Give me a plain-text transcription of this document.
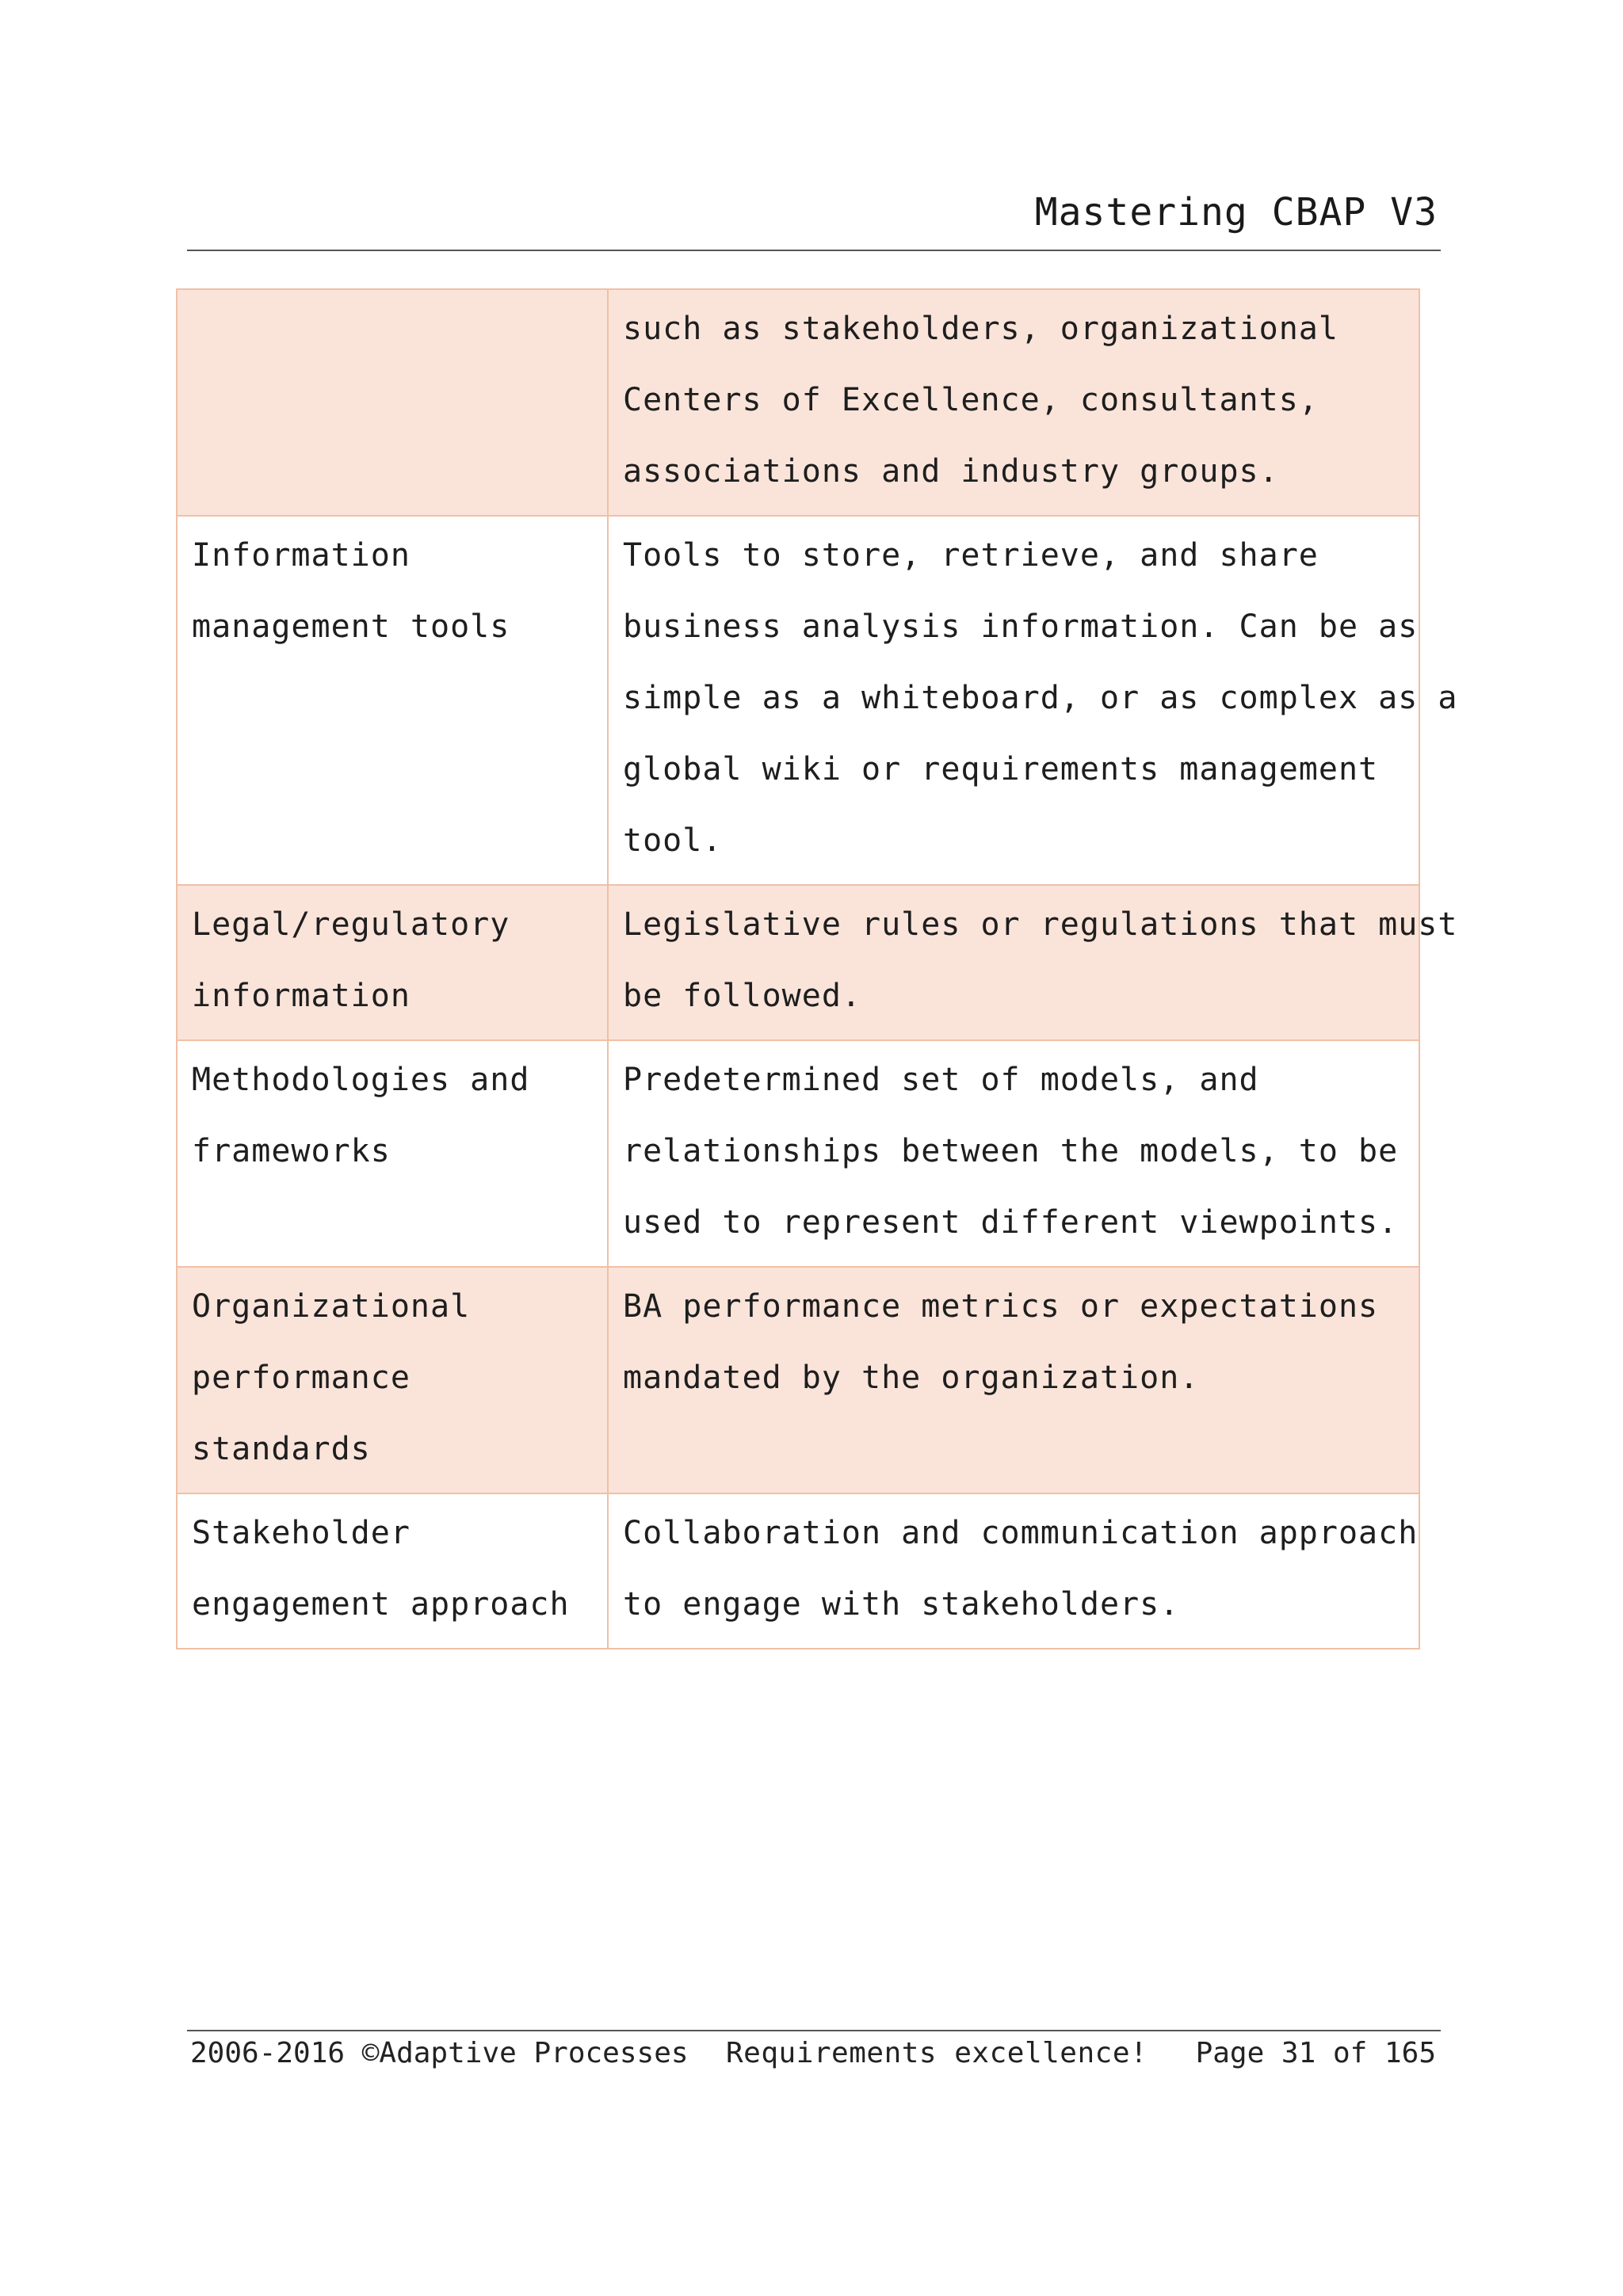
Mastering CBAP V3

	such as stakeholders, organizational
Centers of Excellence, consultants,
associations and industry groups.

Information
management tools	Tools to store, retrieve, and share
business analysis information. Can be as
simple as a whiteboard, or as complex as a
global wiki or requirements management
tool.

Legal/regulatory
information	Legislative rules or regulations that must
be followed.

Methodologies and
frameworks	Predetermined set of models, and
relationships between the models, to be
used to represent different viewpoints.

Organizational
performance
standards	BA performance metrics or expectations
mandated by the organization.

Stakeholder
engagement approach	Collaboration and communication approach
to engage with stakeholders.
2006-2016 ©Adaptive Processes Requirements excellence! Page 31 of 165
